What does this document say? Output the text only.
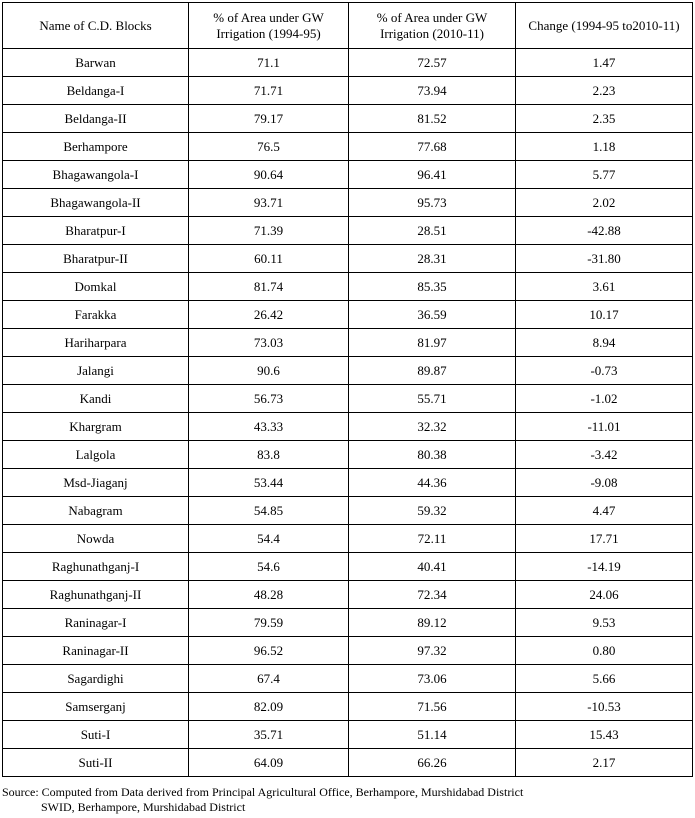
Name of C.D. Blocks	% of Area under GW Irrigation (1994-95)	% of Area under GW Irrigation (2010-11)	Change (1994-95 to2010-11)
Barwan	71.1	72.57	1.47
Beldanga-I	71.71	73.94	2.23
Beldanga-II	79.17	81.52	2.35
Berhampore	76.5	77.68	1.18
Bhagawangola-I	90.64	96.41	5.77
Bhagawangola-II	93.71	95.73	2.02
Bharatpur-I	71.39	28.51	-42.88
Bharatpur-II	60.11	28.31	-31.80
Domkal	81.74	85.35	3.61
Farakka	26.42	36.59	10.17
Hariharpara	73.03	81.97	8.94
Jalangi	90.6	89.87	-0.73
Kandi	56.73	55.71	-1.02
Khargram	43.33	32.32	-11.01
Lalgola	83.8	80.38	-3.42
Msd-Jiaganj	53.44	44.36	-9.08
Nabagram	54.85	59.32	4.47
Nowda	54.4	72.11	17.71
Raghunathganj-I	54.6	40.41	-14.19
Raghunathganj-II	48.28	72.34	24.06
Raninagar-I	79.59	89.12	9.53
Raninagar-II	96.52	97.32	0.80
Sagardighi	67.4	73.06	5.66
Samserganj	82.09	71.56	-10.53
Suti-I	35.71	51.14	15.43
Suti-II	64.09	66.26	2.17
Source: Computed from Data derived from Principal Agricultural Office, Berhampore, Murshidabad District
SWID, Berhampore, Murshidabad District
